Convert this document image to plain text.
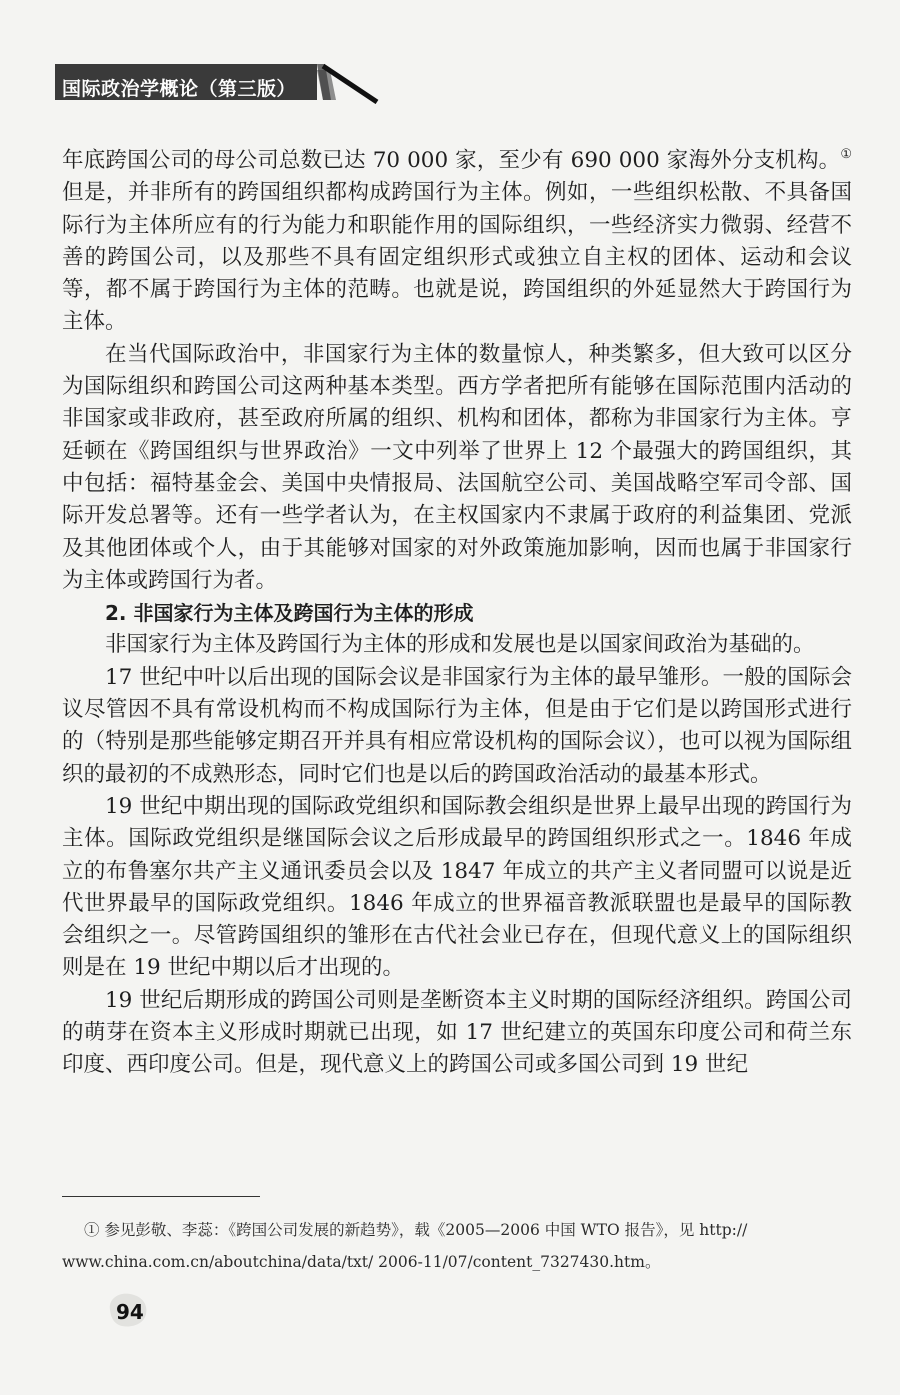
国际政治学概论（第三版）

年底跨国公司的母公司总数已达 70 000 家，至少有 690 000 家海外分支机构。①但是，并非所有的跨国组织都构成跨国行为主体。例如，一些组织松散、不具备国际行为主体所应有的行为能力和职能作用的国际组织，一些经济实力微弱、经营不善的跨国公司，以及那些不具有固定组织形式或独立自主权的团体、运动和会议等，都不属于跨国行为主体的范畴。也就是说，跨国组织的外延显然大于跨国行为主体。

在当代国际政治中，非国家行为主体的数量惊人，种类繁多，但大致可以区分为国际组织和跨国公司这两种基本类型。西方学者把所有能够在国际范围内活动的非国家或非政府，甚至政府所属的组织、机构和团体，都称为非国家行为主体。亨廷顿在《跨国组织与世界政治》一文中列举了世界上 12 个最强大的跨国组织，其中包括：福特基金会、美国中央情报局、法国航空公司、美国战略空军司令部、国际开发总署等。还有一些学者认为，在主权国家内不隶属于政府的利益集团、党派及其他团体或个人，由于其能够对国家的对外政策施加影响，因而也属于非国家行为主体或跨国行为者。

2. 非国家行为主体及跨国行为主体的形成

非国家行为主体及跨国行为主体的形成和发展也是以国家间政治为基础的。

17 世纪中叶以后出现的国际会议是非国家行为主体的最早雏形。一般的国际会议尽管因不具有常设机构而不构成国际行为主体，但是由于它们是以跨国形式进行的（特别是那些能够定期召开并具有相应常设机构的国际会议），也可以视为国际组织的最初的不成熟形态，同时它们也是以后的跨国政治活动的最基本形式。

19 世纪中期出现的国际政党组织和国际教会组织是世界上最早出现的跨国行为主体。国际政党组织是继国际会议之后形成最早的跨国组织形式之一。1846 年成立的布鲁塞尔共产主义通讯委员会以及 1847 年成立的共产主义者同盟可以说是近代世界最早的国际政党组织。1846 年成立的世界福音教派联盟也是最早的国际教会组织之一。尽管跨国组织的雏形在古代社会业已存在，但现代意义上的国际组织则是在 19 世纪中期以后才出现的。

19 世纪后期形成的跨国公司则是垄断资本主义时期的国际经济组织。跨国公司的萌芽在资本主义形成时期就已出现，如 17 世纪建立的英国东印度公司和荷兰东印度、西印度公司。但是，现代意义上的跨国公司或多国公司到 19 世纪

① 参见彭敬、李蕊：《跨国公司发展的新趋势》，载《2005—2006 中国 WTO 报告》，见 http://

www.china.com.cn/aboutchina/data/txt/ 2006-11/07/content_7327430.htm。

94
